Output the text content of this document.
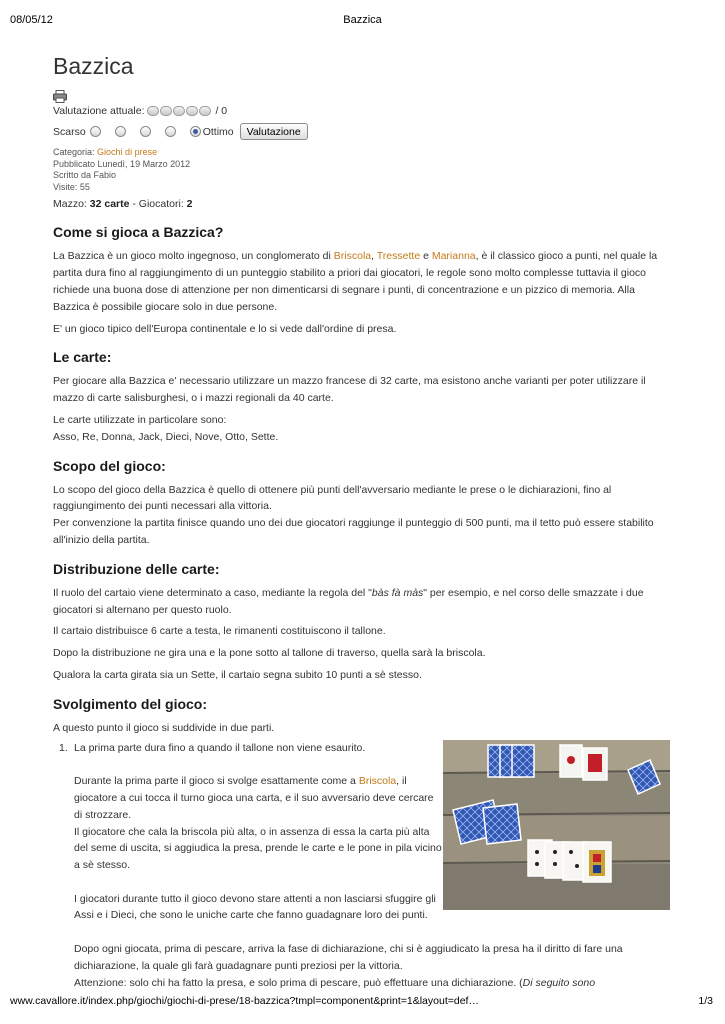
08/05/12	Bazzica
Bazzica
Valutazione attuale:	/ 0
Scarso	Ottimo	Valutazione
Categoria: Giochi di prese
Pubblicato Lunedì, 19 Marzo 2012
Scritto da Fabio
Visite: 55
Mazzo: 32 carte - Giocatori: 2
Come si gioca a Bazzica?

La Bazzica è un gioco molto ingegnoso, un conglomerato di Briscola, Tressette e Marianna, è il classico gioco a punti, nel quale la partita dura fino al raggiungimento di un punteggio stabilito a priori dai giocatori, le regole sono molto complesse tuttavia il gioco richiede una buona dose di attenzione per non dimenticarsi di segnare i punti, di concentrazione e un pizzico di memoria. Alla Bazzica è possibile giocare solo in due persone.

E' un gioco tipico dell'Europa continentale e lo si vede dall'ordine di presa.

Le carte:

Per giocare alla Bazzica e' necessario utilizzare un mazzo francese di 32 carte, ma esistono anche varianti per poter utilizzare il mazzo di carte salisburghesi, o i mazzi regionali da 40 carte.

Le carte utilizzate in particolare sono:
Asso, Re, Donna, Jack, Dieci, Nove, Otto, Sette.

Scopo del gioco:

Lo scopo del gioco della Bazzica è quello di ottenere più punti dell'avversario mediante le prese o le dichiarazioni, fino al raggiungimento dei punti necessari alla vittoria.
Per convenzione la partita finisce quando uno dei due giocatori raggiunge il punteggio di 500 punti, ma il tetto può essere stabilito all'inizio della partita.

Distribuzione delle carte:

Il ruolo del cartaio viene determinato a caso, mediante la regola del "bàs fà màs" per esempio, e nel corso delle smazzate i due giocatori si alternano per questo ruolo.

Il cartaio distribuisce 6 carte a testa, le rimanenti costituiscono il tallone.

Dopo la distribuzione ne gira una e la pone sotto al tallone di traverso, quella sarà la briscola.

Qualora la carta girata sia un Sette, il cartaio segna subito 10 punti a sè stesso.

Svolgimento del gioco:

A questo punto il gioco si suddivide in due parti.

1. La prima parte dura fino a quando il tallone non viene esaurito.

Durante la prima parte il gioco si svolge esattamente come a Briscola, il giocatore a cui tocca il turno gioca una carta, e il suo avversario deve cercare di strozzare.
Il giocatore che cala la briscola più alta, o in assenza di essa la carta più alta del seme di uscita, si aggiudica la presa, prende le carte e le pone in pila vicino a sè stesso.

I giocatori durante tutto il gioco devono stare attenti a non lasciarsi sfuggire gli Assi e i Dieci, che sono le uniche carte che fanno guadagnare loro dei punti.

Dopo ogni giocata, prima di pescare, arriva la fase di dichiarazione, chi si è aggiudicato la presa ha il diritto di fare una dichiarazione, la quale gli farà guadagnare punti preziosi per la vittoria.

Attenzione: solo chi ha fatto la presa, e solo prima di pescare, può effettuare una dichiarazione. (Di seguito sono

www.cavallore.it/index.php/giochi/giochi-di-prese/18-bazzica?tmpl=component&print=1&layout=def…	1/3
